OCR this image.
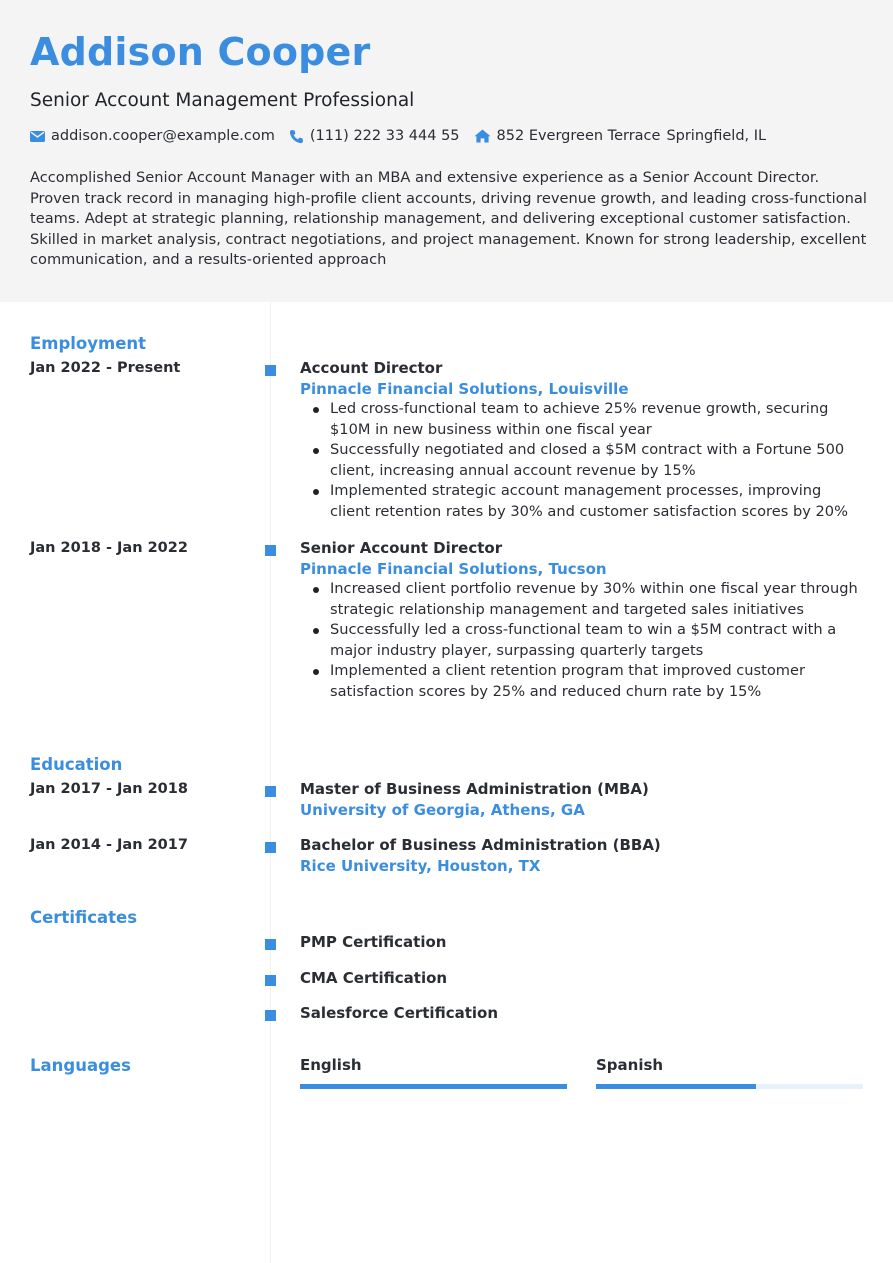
Addison Cooper
Senior Account Management Professional
addison.cooper@example.com (111) 222 33 444 55	852 Evergreen Terrace Springfield, IL
Accomplished Senior Account Manager with an MBA and extensive experience as a Senior Account Director. Proven track record in managing high-profile client accounts, driving revenue growth, and leading cross-functional teams. Adept at strategic planning, relationship management, and delivering exceptional customer satisfaction. Skilled in market analysis, contract negotiations, and project management. Known for strong leadership, excellent communication, and a results-oriented approach
Employment
Jan 2022 - Present	Account Director
Pinnacle Financial Solutions, Louisville
Led cross-functional team to achieve 25% revenue growth, securing $10M in new business within one fiscal year
Successfully negotiated and closed a $5M contract with a Fortune 500 client, increasing annual account revenue by 15%
Implemented strategic account management processes, improving client retention rates by 30% and customer satisfaction scores by 20%
Jan 2018 - Jan 2022	Senior Account Director
Pinnacle Financial Solutions, Tucson
Increased client portfolio revenue by 30% within one fiscal year through strategic relationship management and targeted sales initiatives
Successfully led a cross-functional team to win a $5M contract with a major industry player, surpassing quarterly targets
Implemented a client retention program that improved customer satisfaction scores by 25% and reduced churn rate by 15%
Education
Jan 2017 - Jan 2018	Master of Business Administration (MBA)
University of Georgia, Athens, GA
Jan 2014 - Jan 2017	Bachelor of Business Administration (BBA)
Rice University, Houston, TX
Certificates
PMP Certification
CMA Certification
Salesforce Certification
Languages	English	Spanish
